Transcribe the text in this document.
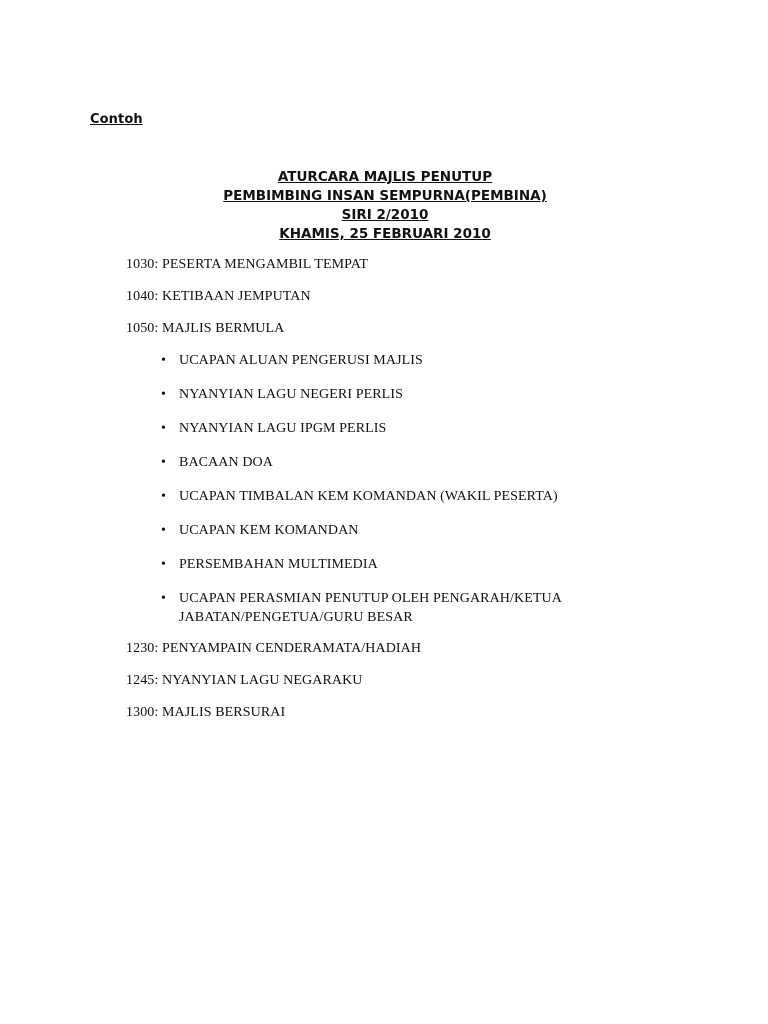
Contoh
ATURCARA MAJLIS PENUTUP
PEMBIMBING INSAN SEMPURNA(PEMBINA)
SIRI 2/2010
KHAMIS, 25 FEBRUARI 2010

1030: PESERTA MENGAMBIL TEMPAT

1040: KETIBAAN JEMPUTAN

1050: MAJLIS BERMULA

• UCAPAN ALUAN PENGERUSI MAJLIS
• NYANYIAN LAGU NEGERI PERLIS
• NYANYIAN LAGU IPGM PERLIS
• BACAAN DOA
• UCAPAN TIMBALAN KEM KOMANDAN (WAKIL PESERTA)
• UCAPAN KEM KOMANDAN
• PERSEMBAHAN MULTIMEDIA
• UCAPAN PERASMIAN PENUTUP OLEH PENGARAH/KETUA JABATAN/PENGETUA/GURU BESAR

1230: PENYAMPAIN CENDERAMATA/HADIAH

1245: NYANYIAN LAGU NEGARAKU

1300: MAJLIS BERSURAI
